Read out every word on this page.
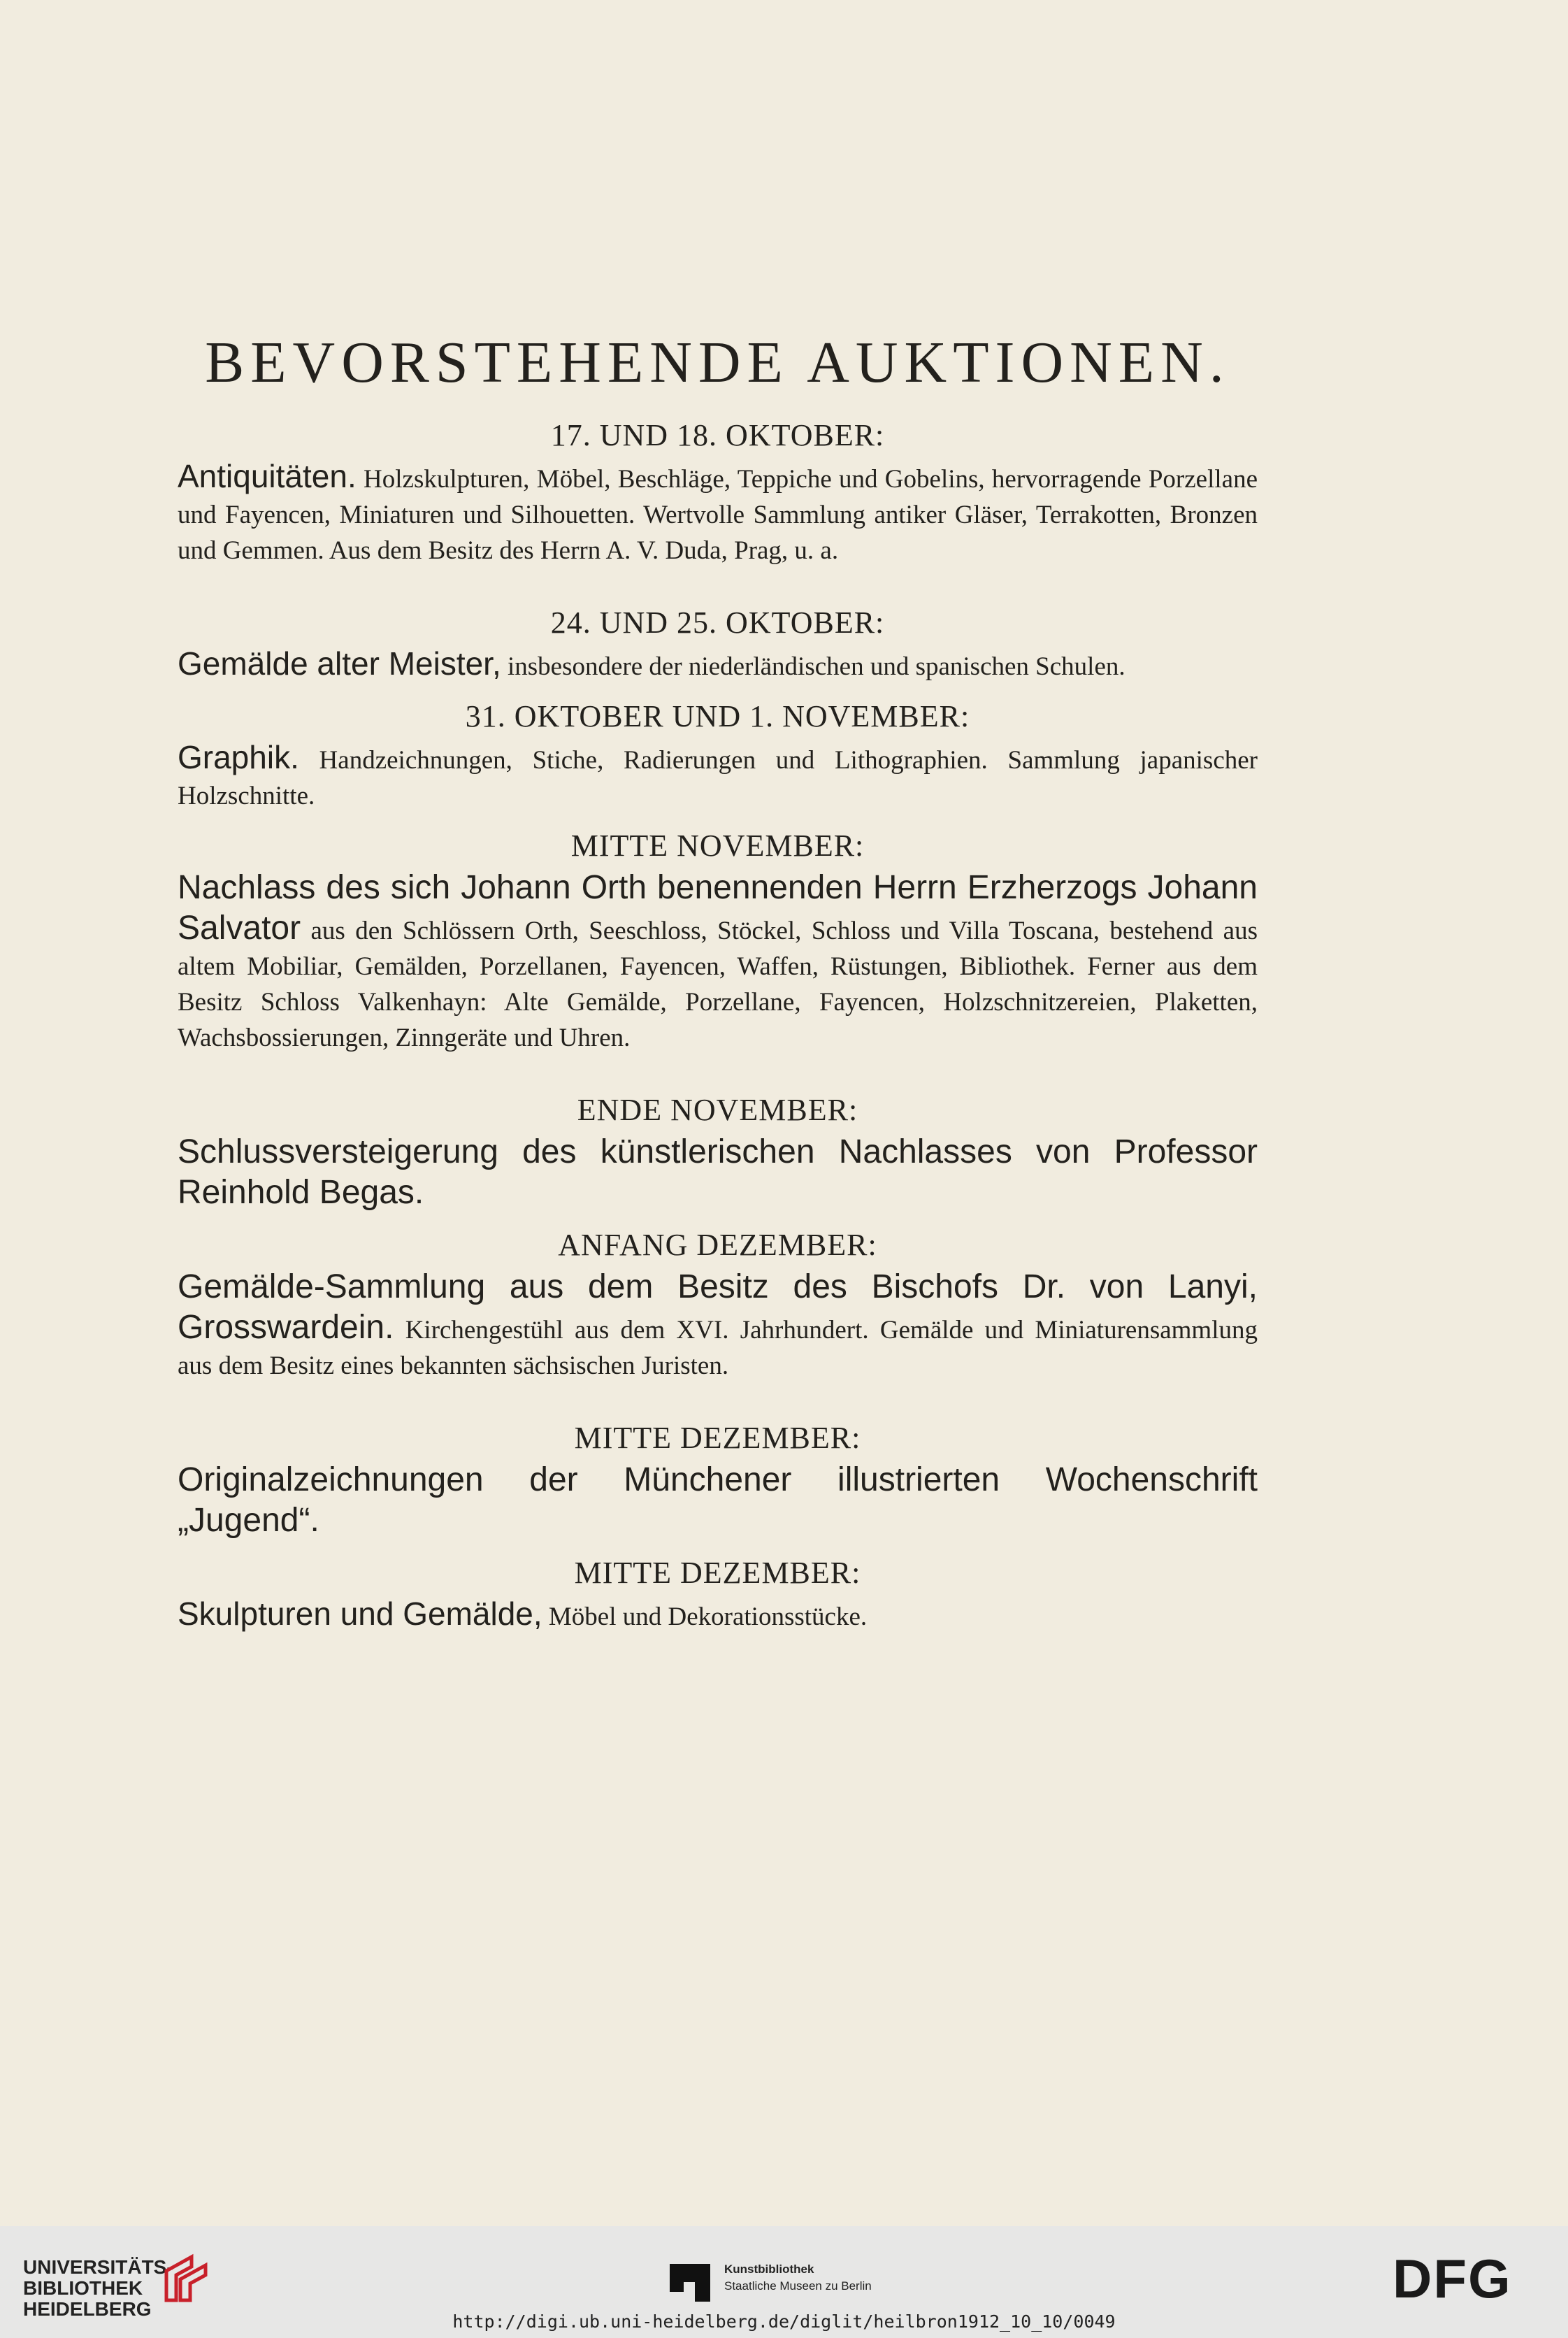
BEVORSTEHENDE AUKTIONEN.

17. UND 18. OKTOBER:

Antiquitäten. Holzskulpturen, Möbel, Beschläge, Teppiche und Gobelins, hervorragende Porzellane und Fayencen, Miniaturen und Silhouetten. Wertvolle Sammlung antiker Gläser, Terrakotten, Bronzen und Gemmen. Aus dem Besitz des Herrn A. V. Duda, Prag, u. a.

24. UND 25. OKTOBER:

Gemälde alter Meister, insbesondere der niederländischen und spanischen Schulen.

31. OKTOBER UND 1. NOVEMBER:

Graphik. Handzeichnungen, Stiche, Radierungen und Lithographien. Sammlung japanischer Holzschnitte.

MITTE NOVEMBER:

Nachlass des sich Johann Orth benennenden Herrn Erzherzogs Johann Salvator aus den Schlössern Orth, Seeschloss, Stöckel, Schloss und Villa Toscana, bestehend aus altem Mobiliar, Gemälden, Porzellanen, Fayencen, Waffen, Rüstungen, Bibliothek. Ferner aus dem Besitz Schloss Valkenhayn: Alte Gemälde, Porzellane, Fayencen, Holzschnitzereien, Plaketten, Wachsbossierungen, Zinngeräte und Uhren.

ENDE NOVEMBER:

Schlussversteigerung des künstlerischen Nachlasses von Professor Reinhold Begas.

ANFANG DEZEMBER:

Gemälde-Sammlung aus dem Besitz des Bischofs Dr. von Lanyi, Grosswardein. Kirchengestühl aus dem XVI. Jahrhundert. Gemälde und Miniaturensammlung aus dem Besitz eines bekannten sächsischen Juristen.

MITTE DEZEMBER:

Originalzeichnungen der Münchener illustrierten Wochenschrift „Jugend“.

MITTE DEZEMBER:

Skulpturen und Gemälde, Möbel und Dekorationsstücke.

UNIVERSITÄTS-
BIBLIOTHEK
HEIDELBERG
Kunstbibliothek
Staatliche Museen zu Berlin	DFG
http://digi.ub.uni-heidelberg.de/diglit/heilbron1912_10_10/0049
